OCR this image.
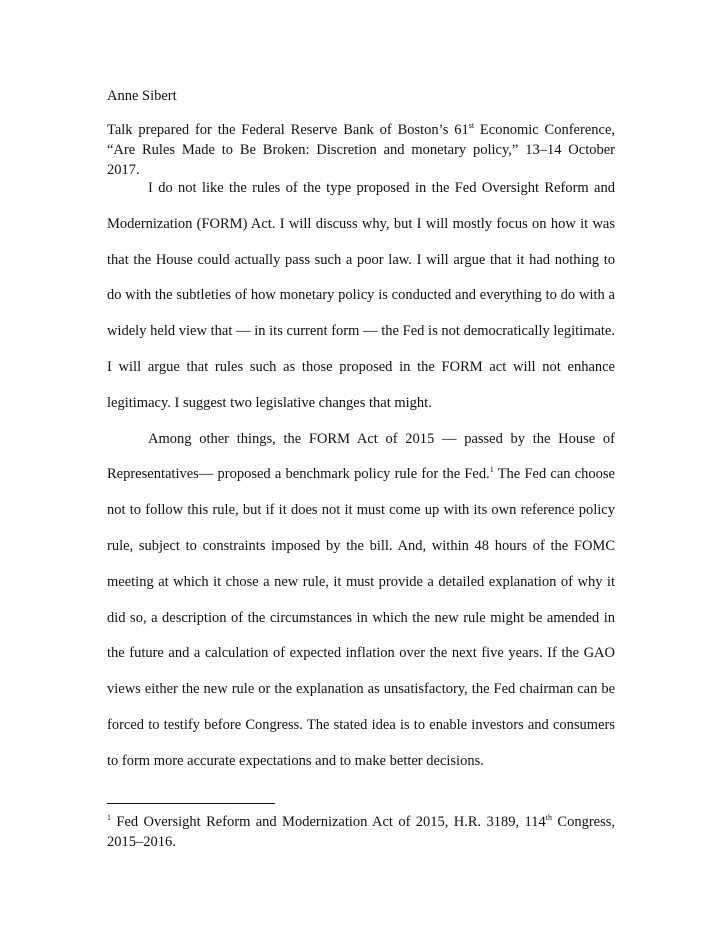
Anne Sibert

Talk prepared for the Federal Reserve Bank of Boston’s 61st Economic Conference, “Are Rules Made to Be Broken: Discretion and monetary policy,” 13–14 October 2017.

I do not like the rules of the type proposed in the Fed Oversight Reform and Modernization (FORM) Act. I will discuss why, but I will mostly focus on how it was that the House could actually pass such a poor law. I will argue that it had nothing to do with the subtleties of how monetary policy is conducted and everything to do with a widely held view that — in its current form — the Fed is not democratically legitimate. I will argue that rules such as those proposed in the FORM act will not enhance legitimacy. I suggest two legislative changes that might.

Among other things, the FORM Act of 2015 — passed by the House of Representatives— proposed a benchmark policy rule for the Fed.$^1$ The Fed can choose not to follow this rule, but if it does not it must come up with its own reference policy rule, subject to constraints imposed by the bill. And, within 48 hours of the FOMC meeting at which it chose a new rule, it must provide a detailed explanation of why it did so, a description of the circumstances in which the new rule might be amended in the future and a calculation of expected inflation over the next five years. If the GAO views either the new rule or the explanation as unsatisfactory, the Fed chairman can be forced to testify before Congress. The stated idea is to enable investors and consumers to form more accurate expectations and to make better decisions.

$^1$ Fed Oversight Reform and Modernization Act of 2015, H.R. 3189, 114th Congress, 2015–2016.
